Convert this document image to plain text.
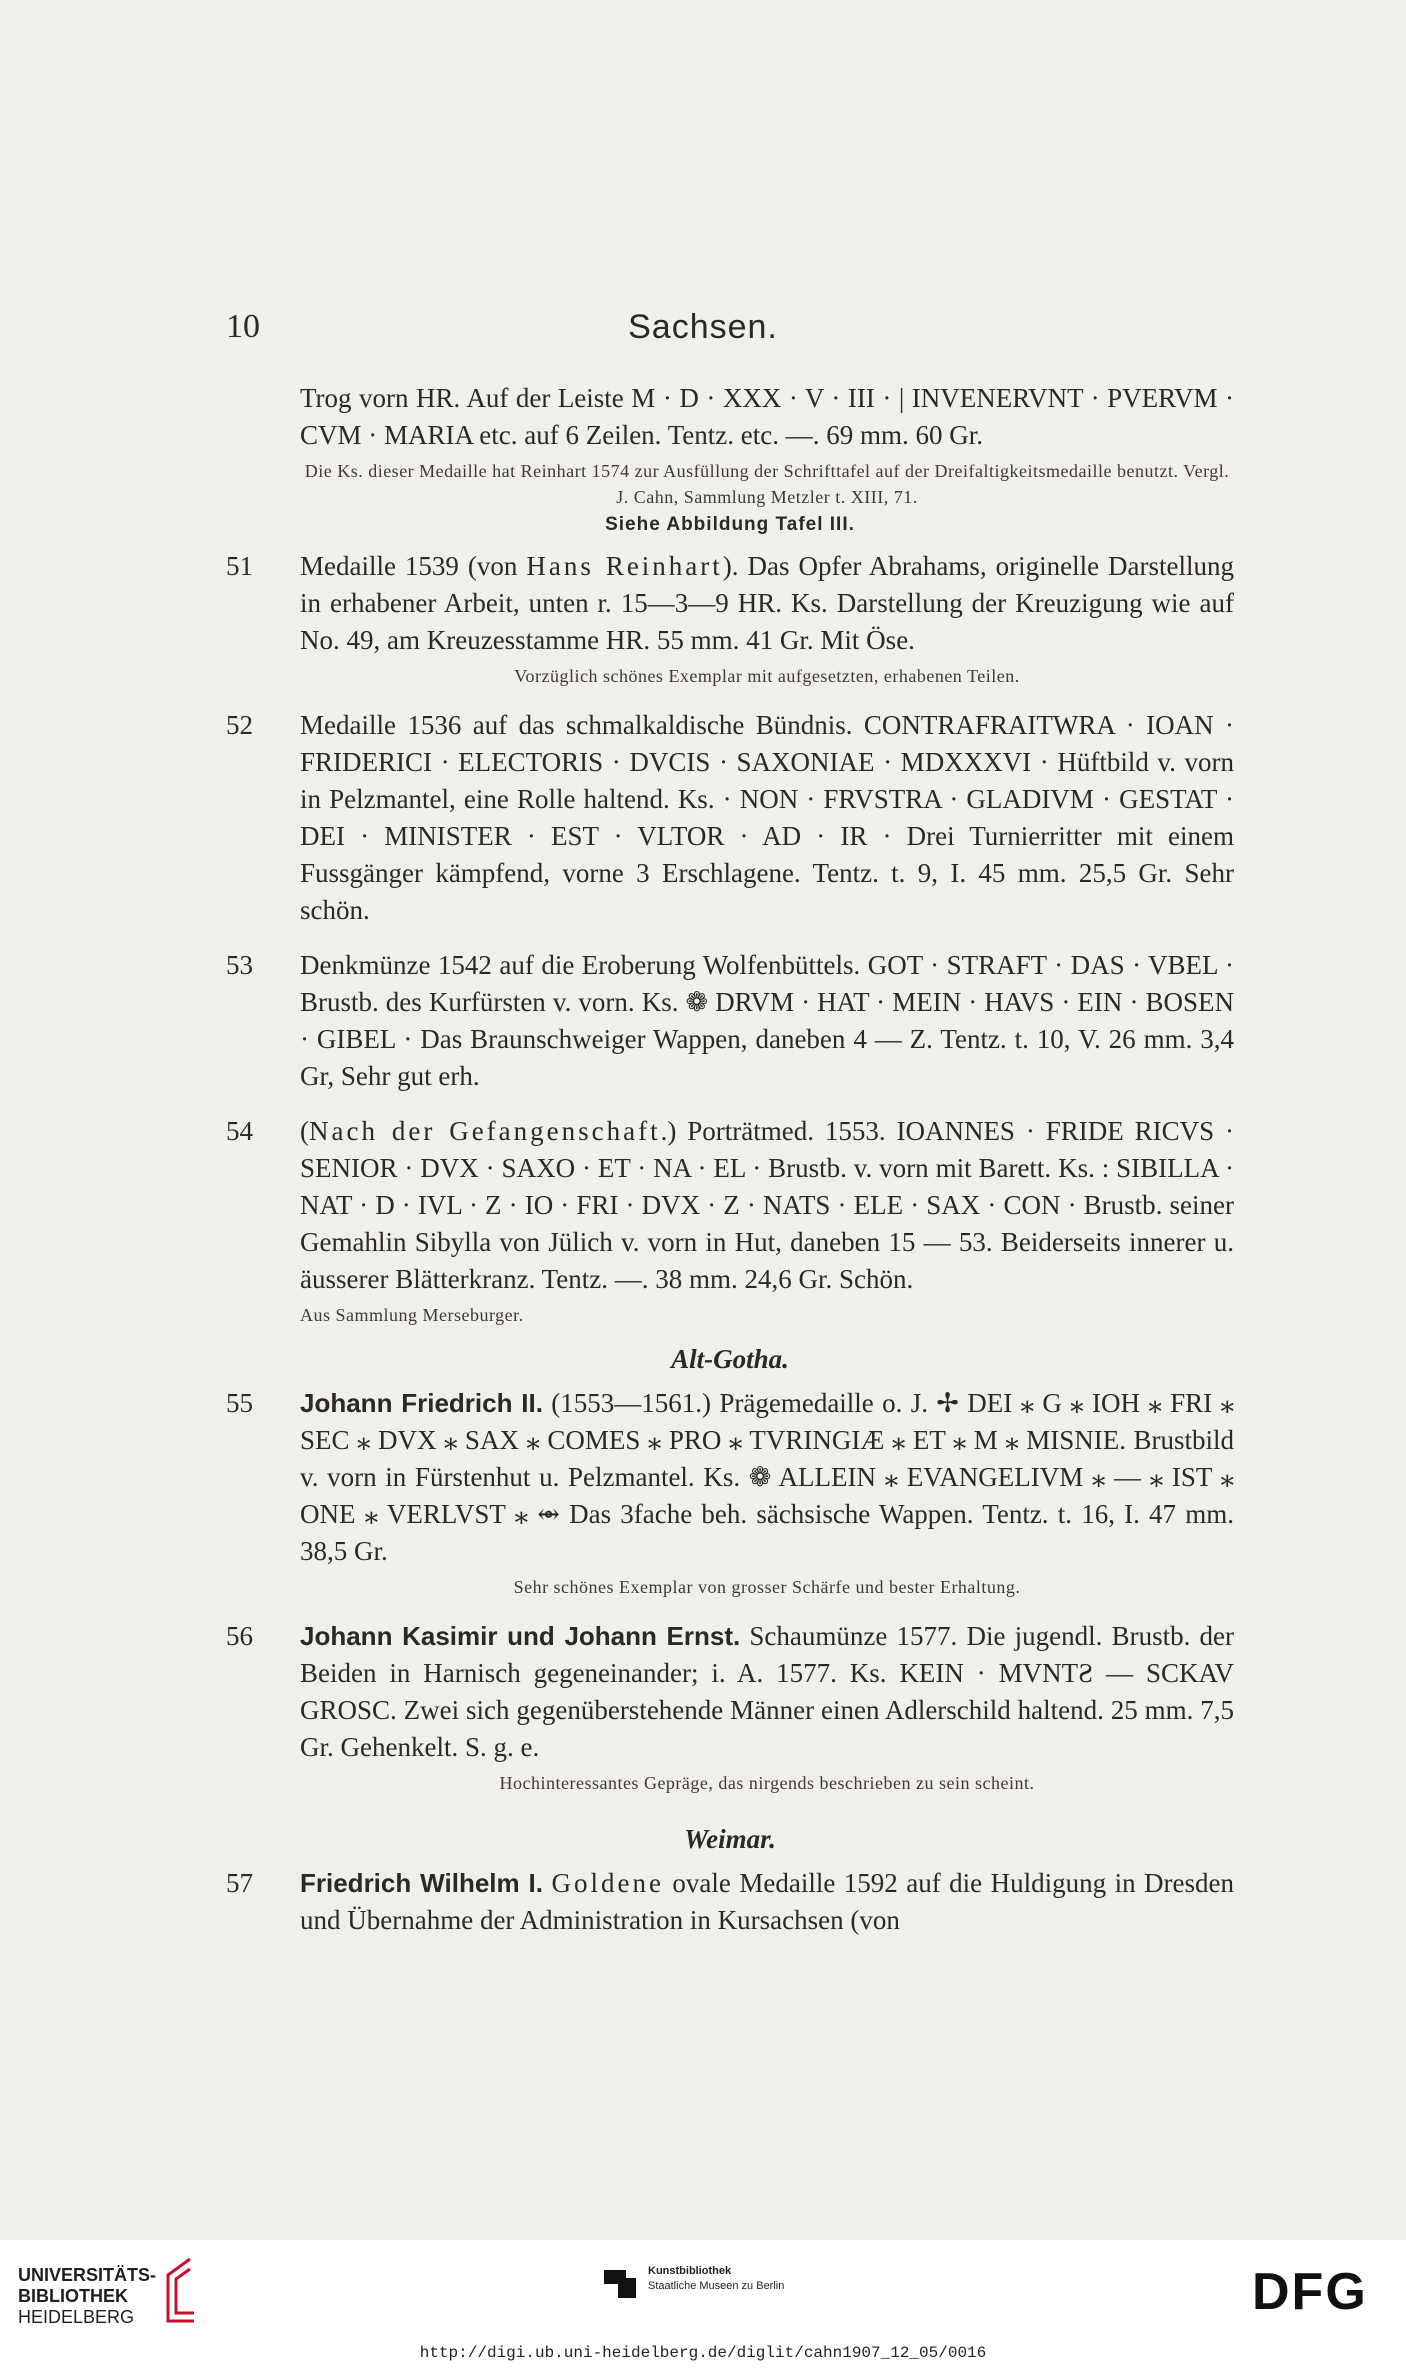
10	Sachsen.
Trog vorn HR. Auf der Leiste M · D · XXX · V · III · | INVENERVNT · PVERVM · CVM · MARIA etc. auf 6 Zeilen. Tentz. etc. —. 69 mm. 60 Gr.
Die Ks. dieser Medaille hat Reinhart 1574 zur Ausfüllung der Schrifttafel auf der Dreifaltigkeitsmedaille benutzt. Vergl. J. Cahn, Sammlung Metzler t. XIII, 71.
Siehe Abbildung Tafel III.
51 Medaille 1539 (von Hans Reinhart). Das Opfer Abrahams, originelle Darstellung in erhabener Arbeit, unten r. 15—3—9 HR. Ks. Darstellung der Kreuzigung wie auf No. 49, am Kreuzesstamme HR. 55 mm. 41 Gr. Mit Öse.
Vorzüglich schönes Exemplar mit aufgesetzten, erhabenen Teilen.
52 Medaille 1536 auf das schmalkaldische Bündnis. CONTRAFRAITWRA · IOAN · FRIDERICI · ELECTORIS · DVCIS · SAXONIAE · MDXXXVI · Hüftbild v. vorn in Pelzmantel, eine Rolle haltend. Ks. · NON · FRVSTRA · GLADIVM · GESTAT · DEI · MINISTER · EST · VLTOR · AD · IR · Drei Turnierritter mit einem Fussgänger kämpfend, vorne 3 Erschlagene. Tentz. t. 9, I. 45 mm. 25,5 Gr. Sehr schön.
53 Denkmünze 1542 auf die Eroberung Wolfenbüttels. GOT · STRAFT · DAS · VBEL · Brustb. des Kurfürsten v. vorn. Ks. ❁ DRVM · HAT · MEIN · HAVS · EIN · BOSEN · GIBEL · Das Braunschweiger Wappen, daneben 4 — Z. Tentz. t. 10, V. 26 mm. 3,4 Gr, Sehr gut erh.
54 (Nach der Gefangenschaft.) Porträtmed. 1553. IOANNES · FRIDE RICVS · SENIOR · DVX · SAXO · ET · NA · EL · Brustb. v. vorn mit Barett. Ks. : SIBILLA · NAT · D · IVL · Z · IO · FRI · DVX · Z · NATS · ELE · SAX · CON · Brustb. seiner Gemahlin Sibylla von Jülich v. vorn in Hut, daneben 15 — 53. Beiderseits innerer u. äusserer Blätterkranz. Tentz. —. 38 mm. 24,6 Gr. Schön.
Aus Sammlung Merseburger.
Alt-Gotha.
55 Johann Friedrich II. (1553—1561.) Prägemedaille o. J. ✢ DEI ⁎ G ⁎ IOH ⁎ FRI ⁎ SEC ⁎ DVX ⁎ SAX ⁎ COMES ⁎ PRO ⁎ TVRINGIÆ ⁎ ET ⁎ M ⁎ MISNIE. Brustbild v. vorn in Fürstenhut u. Pelzmantel. Ks. ❁ ALLEIN ⁎ EVANGELIVM ⁎ — ⁎ IST ⁎ ONE ⁎ VERLVST ⁎ ⥈ Das 3fache beh. sächsische Wappen. Tentz. t. 16, I. 47 mm. 38,5 Gr.
Sehr schönes Exemplar von grosser Schärfe und bester Erhaltung.
56 Johann Kasimir und Johann Ernst. Schaumünze 1577. Die jugendl. Brustb. der Beiden in Harnisch gegeneinander; i. A. 1577. Ks. KEIN · MVNTƧ — SCKAV GROSC. Zwei sich gegenüberstehende Männer einen Adlerschild haltend. 25 mm. 7,5 Gr. Gehenkelt. S. g. e.
Hochinteressantes Gepräge, das nirgends beschrieben zu sein scheint.
Weimar.
57 Friedrich Wilhelm I. Goldene ovale Medaille 1592 auf die Huldigung in Dresden und Übernahme der Administration in Kursachsen (von
UNIVERSITÄTS-
BIBLIOTHEK
HEIDELBERG
Kunstbibliothek
Staatliche Museen zu Berlin	DFG
http://digi.ub.uni-heidelberg.de/diglit/cahn1907_12_05/0016
